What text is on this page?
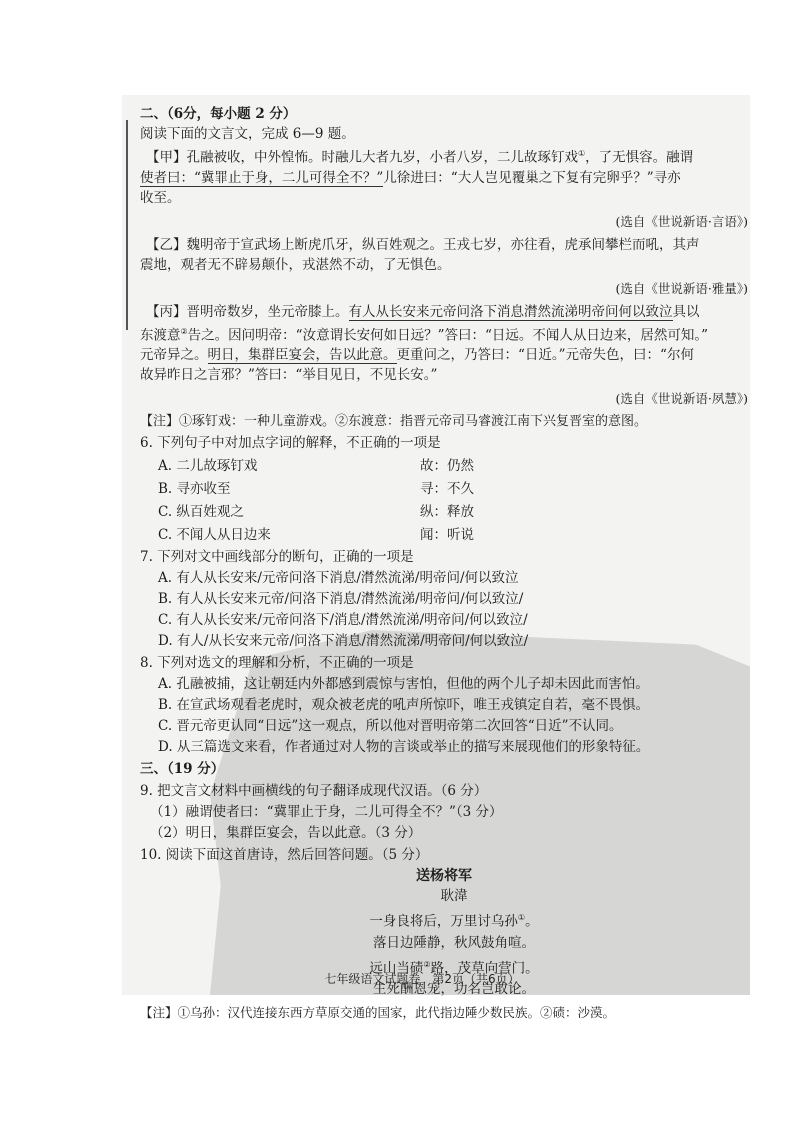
二、（6分，每小题 2 分）
阅读下面的文言文，完成 6—9 题。
【甲】孔融被收，中外惶怖。时融儿大者九岁，小者八岁，二儿故琢钉戏①，了无惧容。融谓
使者曰：“冀罪止于身，二儿可得全不？”儿徐进曰：“大人岂见覆巢之下复有完卵乎？”寻亦
收至。
(选自《世说新语·言语》)
【乙】魏明帝于宣武场上断虎爪牙，纵百姓观之。王戎七岁，亦往看，虎承间攀栏而吼，其声
震地，观者无不辟易颠仆，戎湛然不动，了无惧色。
(选自《世说新语·雅量》)
【丙】晋明帝数岁，坐元帝膝上。有人从长安来元帝问洛下消息潸然流涕明帝问何以致泣具以
东渡意②告之。因问明帝：“汝意谓长安何如日远？”答曰：“日远。不闻人从日边来，居然可知。”
元帝异之。明日，集群臣宴会，告以此意。更重问之，乃答曰：“日近。”元帝失色，曰：“尔何
故异昨日之言邪？”答曰：“举目见日，不见长安。”
(选自《世说新语·夙慧》)
【注】①琢钉戏：一种儿童游戏。②东渡意：指晋元帝司马睿渡江南下兴复晋室的意图。
6. 下列句子中对加点字词的解释，不正确的一项是
A. 二儿故琢钉戏	故：仍然
B. 寻亦收至	寻：不久
C. 纵百姓观之	纵：释放
C. 不闻人从日边来	闻：听说
7. 下列对文中画线部分的断句，正确的一项是
A. 有人从长安来/元帝问洛下消息/潸然流涕/明帝问/何以致泣
B. 有人从长安来元帝/问洛下消息/潸然流涕/明帝问/何以致泣/
C. 有人从长安来/元帝问洛下/消息/潸然流涕/明帝问/何以致泣/
D. 有人/从长安来元帝/问洛下消息/潸然流涕/明帝问/何以致泣/
8. 下列对选文的理解和分析，不正确的一项是
A. 孔融被捕，这让朝廷内外都感到震惊与害怕，但他的两个儿子却未因此而害怕。
B. 在宣武场观看老虎时，观众被老虎的吼声所惊吓，唯王戎镇定自若，毫不畏惧。
C. 晋元帝更认同“日远”这一观点，所以他对晋明帝第二次回答“日近”不认同。
D. 从三篇选文来看，作者通过对人物的言谈或举止的描写来展现他们的形象特征。
三、（19 分）
9. 把文言文材料中画横线的句子翻译成现代汉语。（6 分）
（1）融谓使者曰：“冀罪止于身，二儿可得全不？”（3 分）
（2）明日，集群臣宴会，告以此意。（3 分）
10. 阅读下面这首唐诗，然后回答问题。（5 分）
送杨将军
耿湋
一身良将后，万里讨乌孙①。
落日边陲静，秋风鼓角喧。
远山当碛②路，茂草向营门。
生死酬恩宠，功名岂敢论。
【注】①乌孙：汉代连接东西方草原交通的国家，此代指边陲少数民族。②碛：沙漠。
七年级语文试题卷　第2页（共6页）
